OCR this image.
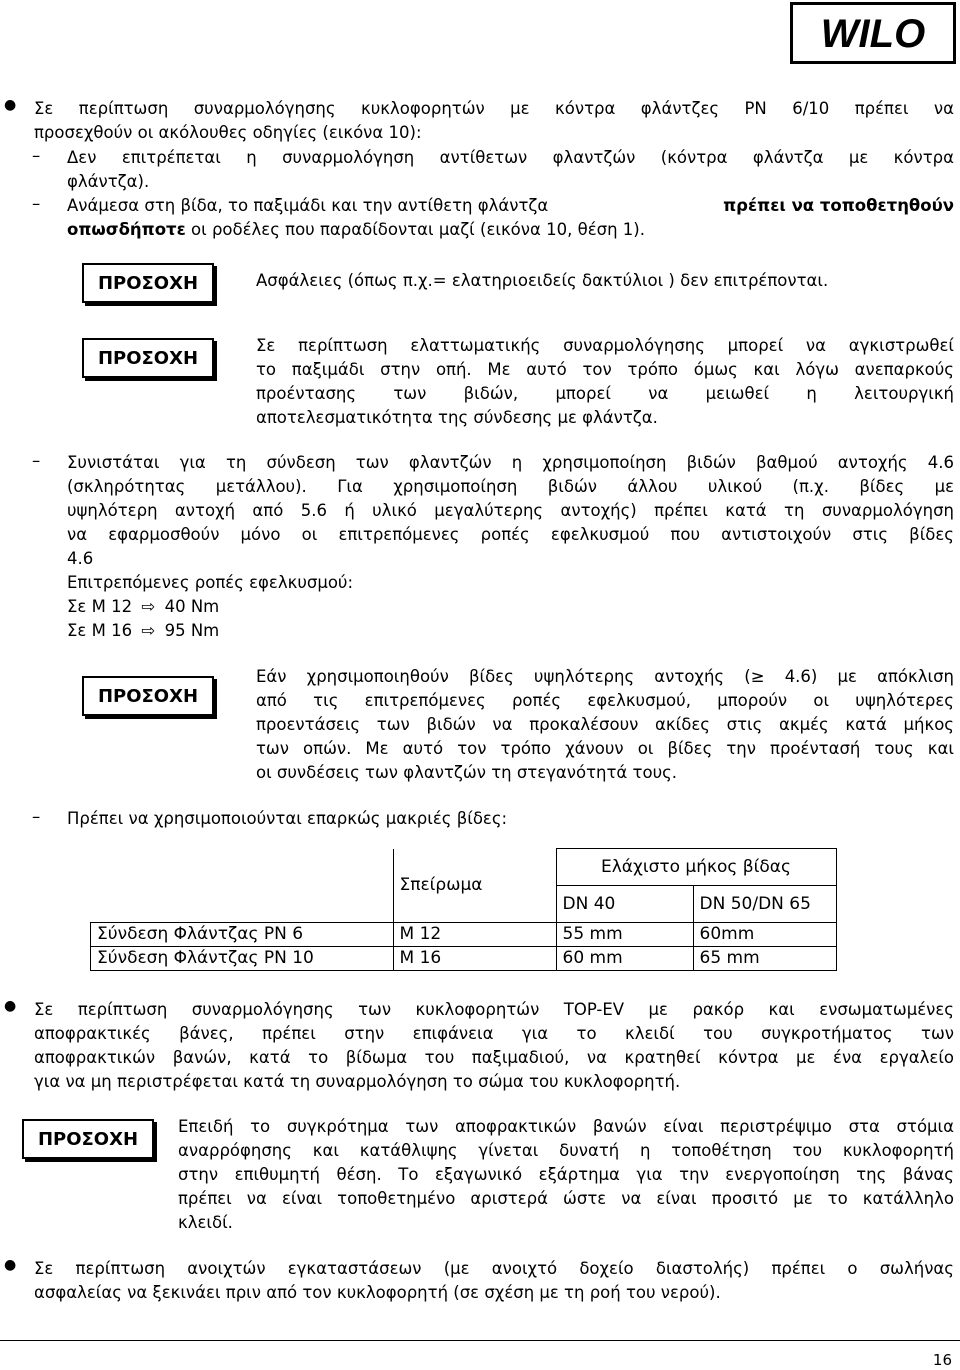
WILO
● Σε περίπτωση συναρμολόγησης κυκλοφορητών με κόντρα φλάντζες PN 6/10 πρέπει να
προσεχθούν οι ακόλουθες οδηγίες (εικόνα 10):
– Δεν επιτρέπεται η συναρμολόγηση αντίθετων φλαντζών (κόντρα φλάντζα με κόντρα
φλάντζα).
– Ανάμεσα στη βίδα, το παξιμάδι και την αντίθετη φλάντζα	πρέπει να τοποθετηθούν
οπωσδήποτε οι ροδέλες που παραδίδονται μαζί (εικόνα 10, θέση 1).
ΠΡΟΣΟΧΗ	Ασφάλειες (όπως π.χ.= ελατηριοειδείς δακτύλιοι ) δεν επιτρέπονται.
ΠΡΟΣΟΧΗ
Σε περίπτωση ελαττωματικής συναρμολόγησης μπορεί να αγκιστρωθεί
το παξιμάδι στην οπή. Με αυτό τον τρόπο όμως και λόγω ανεπαρκούς
προέντασης των βιδών, μπορεί να μειωθεί η λειτουργική
αποτελεσματικότητα της σύνδεσης με φλάντζα.
– Συνιστάται για τη σύνδεση των φλαντζών η χρησιμοποίηση βιδών βαθμού αντοχής 4.6
(σκληρότητας μετάλλου). Για χρησιμοποίηση βιδών άλλου υλικού (π.χ. βίδες με
υψηλότερη αντοχή από 5.6 ή υλικό μεγαλύτερης αντοχής) πρέπει κατά τη συναρμολόγηση
να εφαρμοσθούν μόνο οι επιτρεπόμενες ροπές εφελκυσμού που αντιστοιχούν στις βίδες
4.6
Επιτρεπόμενες ροπές εφελκυσμού:
Σε Μ 12 ⇨ 40 Nm
Σε Μ 16 ⇨ 95 Nm
ΠΡΟΣΟΧΗ
Εάν χρησιμοποιηθούν βίδες υψηλότερης αντοχής (≥ 4.6) με απόκλιση
από τις επιτρεπόμενες ροπές εφελκυσμού, μπορούν οι υψηλότερες
προεντάσεις των βιδών να προκαλέσουν ακίδες στις ακμές κατά μήκος
των οπών. Με αυτό τον τρόπο χάνουν οι βίδες την προέντασή τους και
οι συνδέσεις των φλαντζών τη στεγανότητά τους.
– Πρέπει να χρησιμοποιούνται επαρκώς μακριές βίδες:
	Σπείρωμα	Ελάχιστο μήκος βίδας	
		DN 40	DN 50/DN 65
Σύνδεση Φλάντζας PN 6	M 12	55 mm	60mm
Σύνδεση Φλάντζας PN 10	M 16	60 mm	65 mm
● Σε περίπτωση συναρμολόγησης των κυκλοφορητών TOP-EV με ρακόρ και ενσωματωμένες
αποφρακτικές βάνες, πρέπει στην επιφάνεια για το κλειδί του συγκροτήματος των
αποφρακτικών βανών, κατά το βίδωμα του παξιμαδιού, να κρατηθεί κόντρα με ένα εργαλείο
για να μη περιστρέφεται κατά τη συναρμολόγηση το σώμα του κυκλοφορητή.
ΠΡΟΣΟΧΗ
Επειδή το συγκρότημα των αποφρακτικών βανών είναι περιστρέψιμο στα στόμια
αναρρόφησης και κατάθλιψης γίνεται δυνατή η τοποθέτηση του κυκλοφορητή
στην επιθυμητή θέση. Το εξαγωνικό εξάρτημα για την ενεργοποίηση της βάνας
πρέπει να είναι τοποθετημένο αριστερά ώστε να είναι προσιτό με το κατάλληλο
κλειδί.
● Σε περίπτωση ανοιχτών εγκαταστάσεων (με ανοιχτό δοχείο διαστολής) πρέπει ο σωλήνας
ασφαλείας να ξεκινάει πριν από τον κυκλοφορητή (σε σχέση με τη ροή του νερού).
16
